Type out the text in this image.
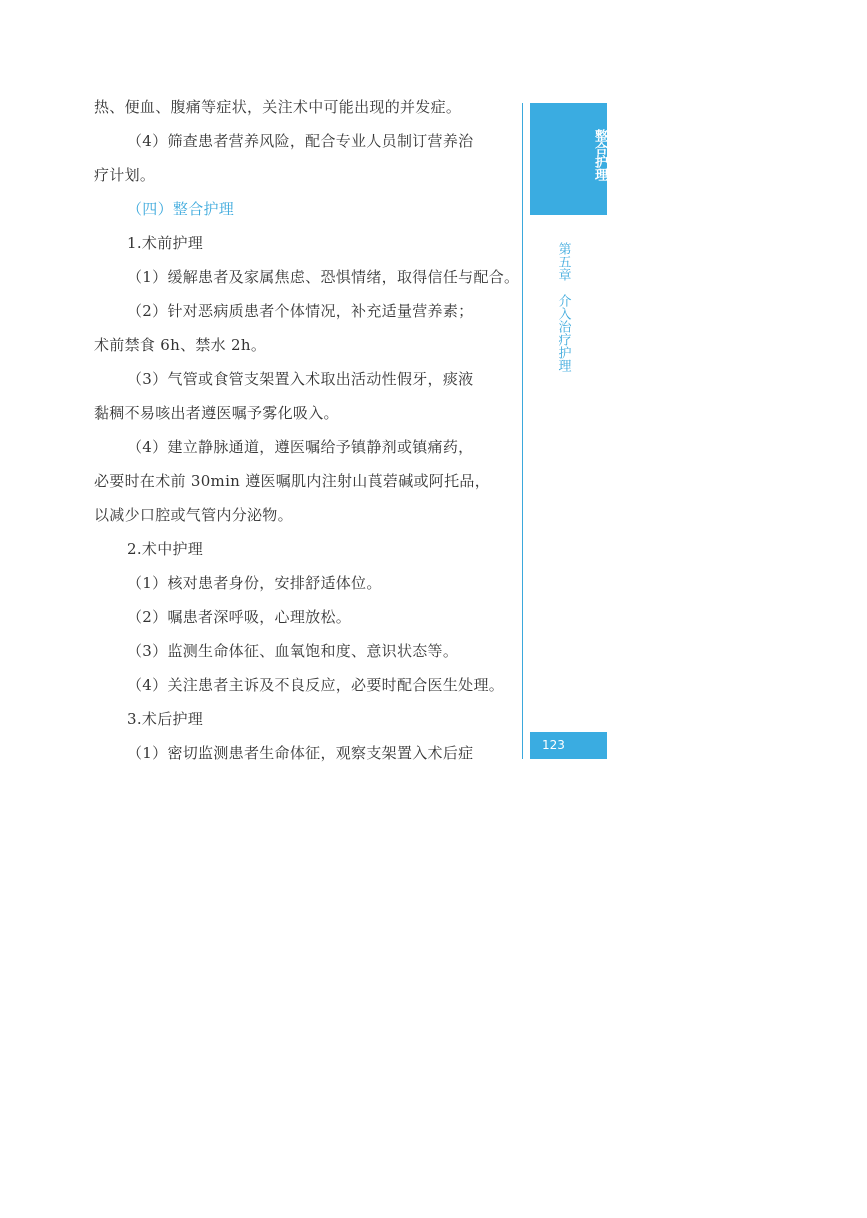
热、便血、腹痛等症状，关注术中可能出现的并发症。
（4）筛查患者营养风险，配合专业人员制订营养治
疗计划。
（四）整合护理
1.术前护理
（1）缓解患者及家属焦虑、恐惧情绪，取得信任与配合。
（2）针对恶病质患者个体情况，补充适量营养素；
术前禁食 6h、禁水 2h。
（3）气管或食管支架置入术取出活动性假牙，痰液
黏稠不易咳出者遵医嘱予雾化吸入。
（4）建立静脉通道，遵医嘱给予镇静剂或镇痛药，
必要时在术前 30min 遵医嘱肌内注射山莨菪碱或阿托品，
以减少口腔或气管内分泌物。
2.术中护理
（1）核对患者身份，安排舒适体位。
（2）嘱患者深呼吸，心理放松。
（3）监测生命体征、血氧饱和度、意识状态等。
（4）关注患者主诉及不良反应，必要时配合医生处理。
3.术后护理
（1）密切监测患者生命体征，观察支架置入术后症
整合护理
第五章　介入治疗护理
123
